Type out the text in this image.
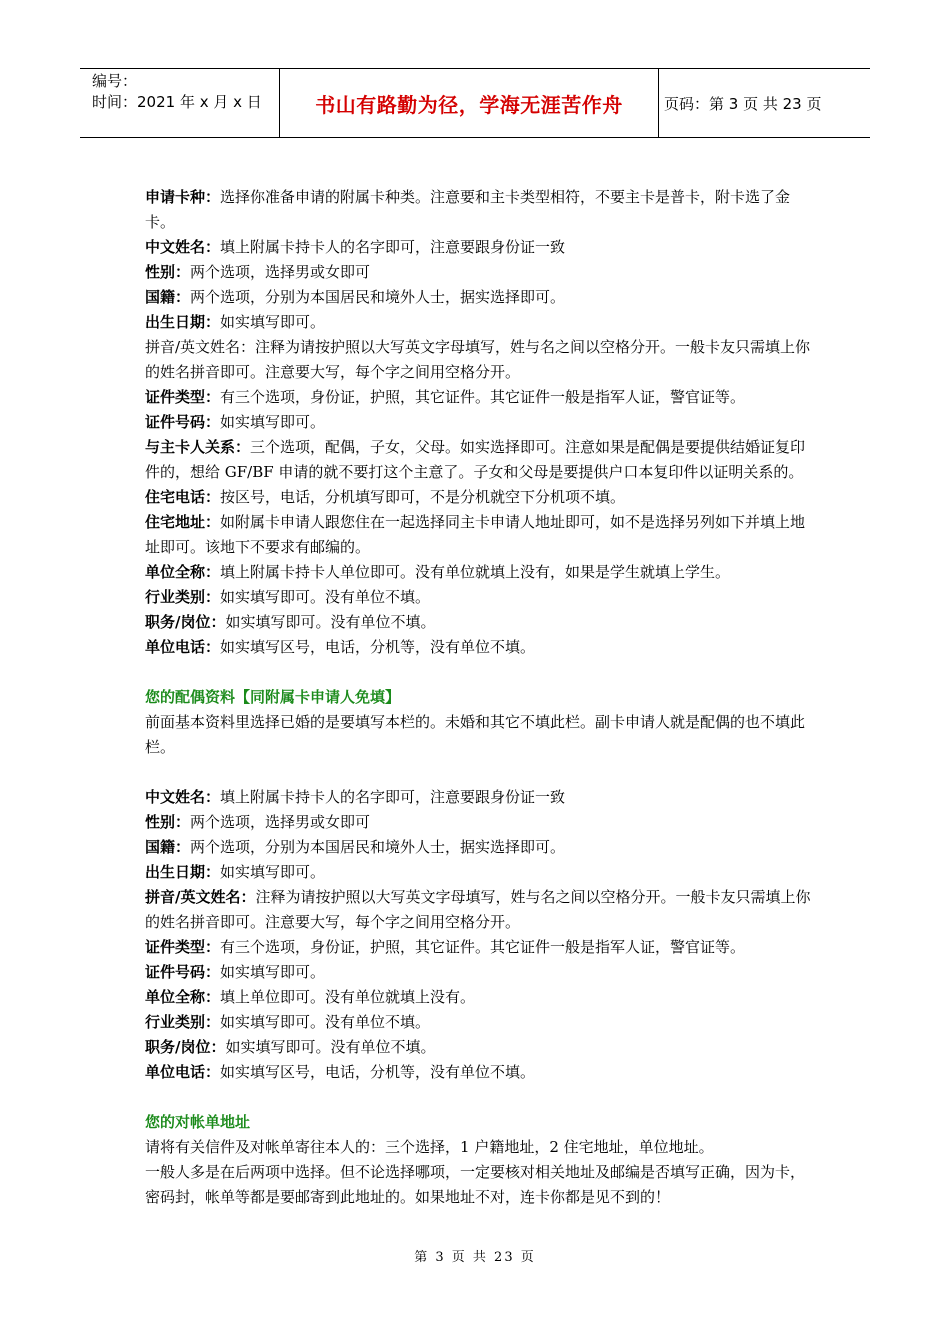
编号：
时间：2021 年 x 月 x 日	书山有路勤为径，学海无涯苦作舟	页码：第 3 页 共 23 页

申请卡种：选择你准备申请的附属卡种类。注意要和主卡类型相符，不要主卡是普卡，附卡选了金卡。

中文姓名：填上附属卡持卡人的名字即可，注意要跟身份证一致

性别：两个选项，选择男或女即可

国籍：两个选项，分别为本国居民和境外人士，据实选择即可。

出生日期：如实填写即可。

拼音/英文姓名：注释为请按护照以大写英文字母填写，姓与名之间以空格分开。一般卡友只需填上你的姓名拼音即可。注意要大写，每个字之间用空格分开。

证件类型：有三个选项，身份证，护照，其它证件。其它证件一般是指军人证，警官证等。

证件号码：如实填写即可。

与主卡人关系：三个选项，配偶，子女，父母。如实选择即可。注意如果是配偶是要提供结婚证复印件的，想给 GF/BF 申请的就不要打这个主意了。子女和父母是要提供户口本复印件以证明关系的。

住宅电话：按区号，电话，分机填写即可，不是分机就空下分机项不填。

住宅地址：如附属卡申请人跟您住在一起选择同主卡申请人地址即可，如不是选择另列如下并填上地址即可。该地下不要求有邮编的。

单位全称：填上附属卡持卡人单位即可。没有单位就填上没有，如果是学生就填上学生。

行业类别：如实填写即可。没有单位不填。

职务/岗位：如实填写即可。没有单位不填。

单位电话：如实填写区号，电话，分机等，没有单位不填。

您的配偶资料【同附属卡申请人免填】

前面基本资料里选择已婚的是要填写本栏的。未婚和其它不填此栏。副卡申请人就是配偶的也不填此栏。

中文姓名：填上附属卡持卡人的名字即可，注意要跟身份证一致

性别：两个选项，选择男或女即可

国籍：两个选项，分别为本国居民和境外人士，据实选择即可。

出生日期：如实填写即可。

拼音/英文姓名：注释为请按护照以大写英文字母填写，姓与名之间以空格分开。一般卡友只需填上你的姓名拼音即可。注意要大写，每个字之间用空格分开。

证件类型：有三个选项，身份证，护照，其它证件。其它证件一般是指军人证，警官证等。

证件号码：如实填写即可。

单位全称：填上单位即可。没有单位就填上没有。

行业类别：如实填写即可。没有单位不填。

职务/岗位：如实填写即可。没有单位不填。

单位电话：如实填写区号，电话，分机等，没有单位不填。

您的对帐单地址

请将有关信件及对帐单寄往本人的：三个选择，1 户籍地址，2 住宅地址，单位地址。

一般人多是在后两项中选择。但不论选择哪项，一定要核对相关地址及邮编是否填写正确，因为卡，密码封，帐单等都是要邮寄到此地址的。如果地址不对，连卡你都是见不到的！

第 3 页 共 23 页
